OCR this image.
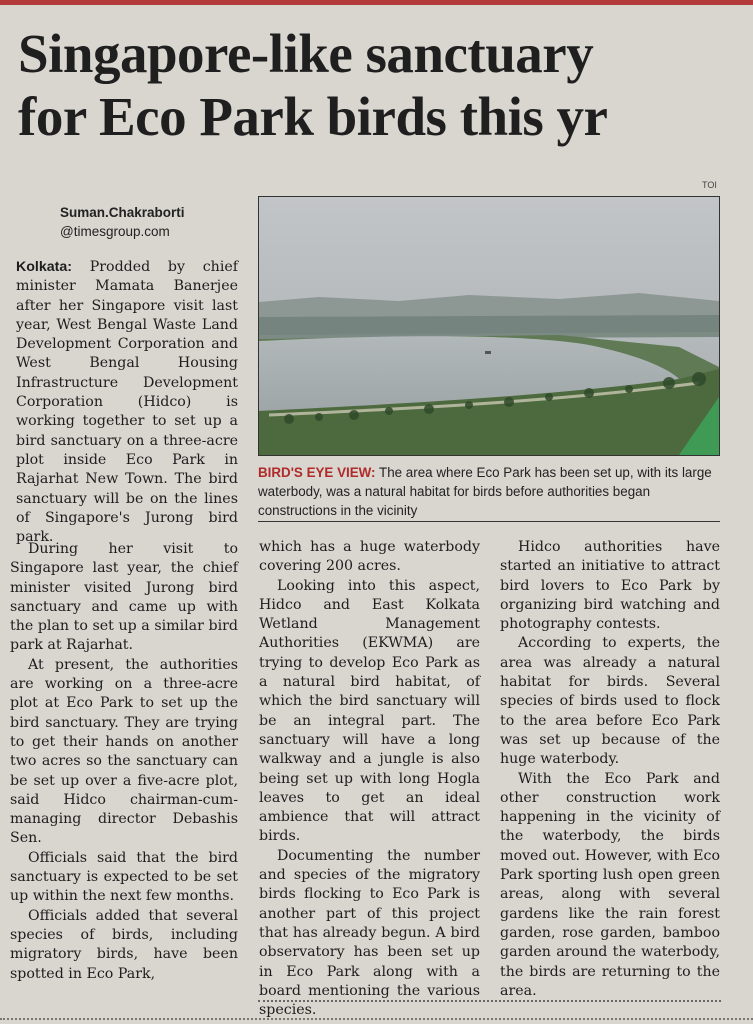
Singapore-like sanctuary
for Eco Park birds this yr
Suman.Chakraborti
@timesgroup.com
TOI
BIRD'S EYE VIEW: The area where Eco Park has been set up, with its large waterbody, was a natural habitat for birds before authorities began constructions in the vicinity

Kolkata: Prodded by chief minister Mamata Banerjee after her Singapore visit last year, West Bengal Waste Land Development Corporation and West Bengal Housing Infrastructure Development Corporation (Hidco) is working together to set up a bird sanctuary on a three-acre plot inside Eco Park in Rajarhat New Town. The bird sanctuary will be on the lines of Singapore's Jurong bird park.

During her visit to Singapore last year, the chief minister visited Jurong bird sanctuary and came up with the plan to set up a similar bird park at Rajarhat.

At present, the authorities are working on a three-acre plot at Eco Park to set up the bird sanctuary. They are trying to get their hands on another two acres so the sanctuary can be set up over a five-acre plot, said Hidco chairman-cum-managing director Debashis Sen.

Officials said that the bird sanctuary is expected to be set up within the next few months.

Officials added that several species of birds, including migratory birds, have been spotted in Eco Park,

which has a huge waterbody covering 200 acres.

Looking into this aspect, Hidco and East Kolkata Wetland Management Authorities (EKWMA) are trying to develop Eco Park as a natural bird habitat, of which the bird sanctuary will be an integral part. The sanctuary will have a long walkway and a jungle is also being set up with long Hogla leaves to get an ideal ambience that will attract birds.

Documenting the number and species of the migratory birds flocking to Eco Park is another part of this project that has already begun. A bird observatory has been set up in Eco Park along with a board mentioning the various species.

Hidco authorities have started an initiative to attract bird lovers to Eco Park by organizing bird watching and photography contests.

According to experts, the area was already a natural habitat for birds. Several species of birds used to flock to the area before Eco Park was set up because of the huge waterbody.

With the Eco Park and other construction work happening in the vicinity of the waterbody, the birds moved out. However, with Eco Park sporting lush open green areas, along with several gardens like the rain forest garden, rose garden, bamboo garden around the waterbody, the birds are returning to the area.
